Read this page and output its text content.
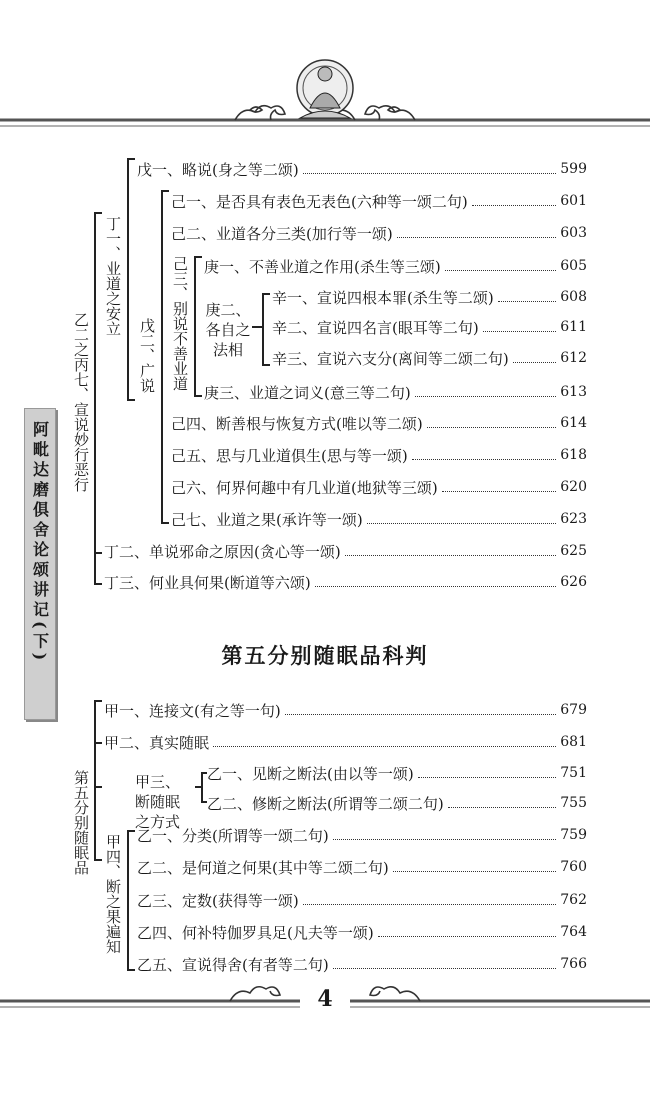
阿毗达磨俱舍论颂讲记(下)
乙二之丙七、宣说妙行恶行
丁一、业道之安立
戊二、广说 己三、别说不善业道 庚二、各自之法相
戊一、略说(身之等二颂)	599
己一、是否具有表色无表色(六种等一颂二句)	601
己二、业道各分三类(加行等一颂)	603
庚一、不善业道之作用(杀生等三颂)	605
辛一、宣说四根本罪(杀生等二颂)	608
辛二、宣说四名言(眼耳等二句)	611
辛三、宣说六支分(离间等二颂二句)	612
庚三、业道之词义(意三等二句)	613
己四、断善根与恢复方式(唯以等二颂)	614
己五、思与几业道俱生(思与等一颂)	618
己六、何界何趣中有几业道(地狱等三颂)	620
己七、业道之果(承许等一颂)	623
丁二、单说邪命之原因(贪心等一颂)	625
丁三、何业具何果(断道等六颂)	626
第五分别随眠品科判
第五分别随眠品	甲三、断随眠之方式
甲四、断之果遍知
甲一、连接文(有之等一句)	679
甲二、真实随眠	681
乙一、见断之断法(由以等一颂)	751
乙二、修断之断法(所谓等二颂二句)	755
乙一、分类(所谓等一颂二句)	759
乙二、是何道之何果(其中等二颂二句)	760
乙三、定数(获得等一颂)	762
乙四、何补特伽罗具足(凡夫等一颂)	764
乙五、宣说得舍(有者等二句)	766
4
